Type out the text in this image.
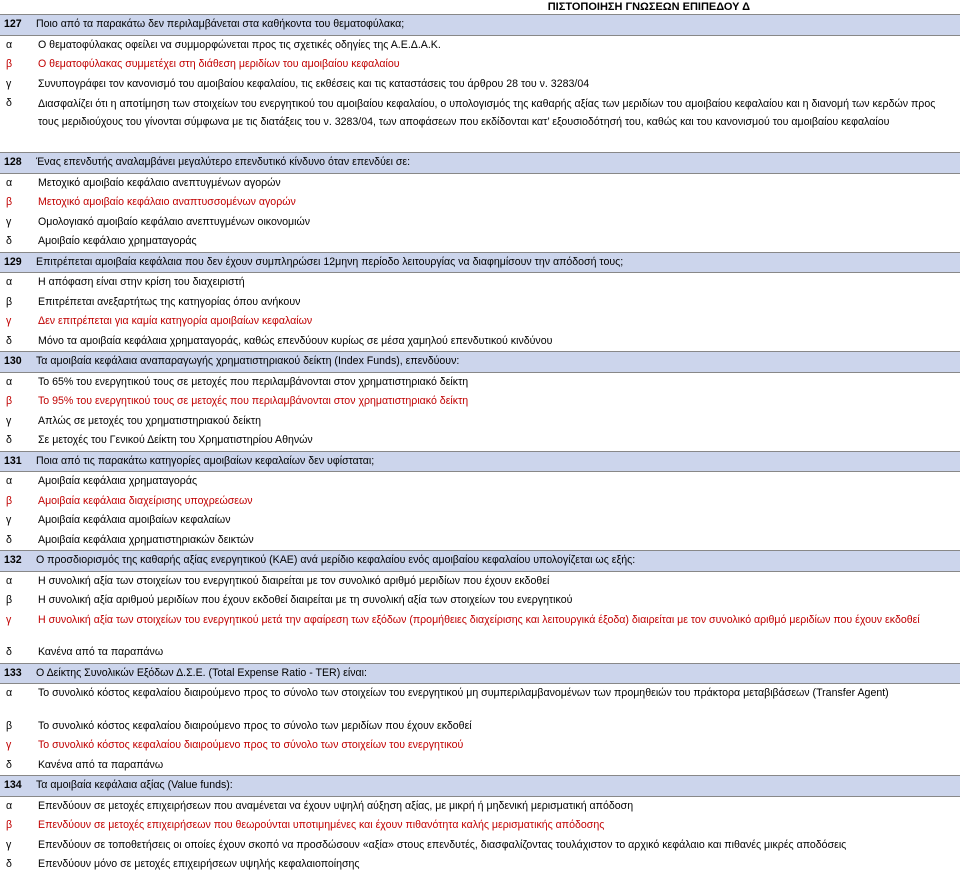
ΠΙΣΤΟΠΟΙΗΣΗ ΓΝΩΣΕΩΝ ΕΠΙΠΕΔΟΥ Δ
127	Ποιο από τα παρακάτω δεν περιλαμβάνεται στα καθήκοντα του θεματοφύλακα;
α	Ο θεματοφύλακας οφείλει να συμμορφώνεται προς τις σχετικές οδηγίες της Α.Ε.Δ.Α.Κ.
β	Ο θεματοφύλακας συμμετέχει στη διάθεση μεριδίων του αμοιβαίου κεφαλαίου
γ	Συνυπογράφει τον κανονισμό του αμοιβαίου κεφαλαίου, τις εκθέσεις και τις καταστάσεις του άρθρου 28 του ν. 3283/04
δ	Διασφαλίζει ότι η αποτίμηση των στοιχείων του ενεργητικού του αμοιβαίου κεφαλαίου, ο υπολογισμός της καθαρής αξίας των μεριδίων του αμοιβαίου κεφαλαίου και η διανομή των κερδών προς τους μεριδιούχους του γίνονται σύμφωνα με τις διατάξεις του ν. 3283/04, των αποφάσεων που εκδίδονται κατ’ εξουσιοδότησή του, καθώς και του κανονισμού του αμοιβαίου κεφαλαίου
128	Ένας επενδυτής αναλαμβάνει μεγαλύτερο επενδυτικό κίνδυνο όταν επενδύει σε:
α	Μετοχικό αμοιβαίο κεφάλαιο ανεπτυγμένων αγορών
β	Μετοχικό αμοιβαίο κεφάλαιο αναπτυσσομένων αγορών
γ	Ομολογιακό αμοιβαίο κεφάλαιο ανεπτυγμένων οικονομιών
δ	Αμοιβαίο κεφάλαιο χρηματαγοράς
129	Επιτρέπεται αμοιβαία κεφάλαια που δεν έχουν συμπληρώσει 12μηνη περίοδο λειτουργίας να διαφημίσουν την απόδοσή τους;
α	Η απόφαση είναι στην κρίση του διαχειριστή
β	Επιτρέπεται ανεξαρτήτως της κατηγορίας όπου ανήκουν
γ	Δεν επιτρέπεται για καμία κατηγορία αμοιβαίων κεφαλαίων
δ	Μόνο τα αμοιβαία κεφάλαια χρηματαγοράς, καθώς επενδύουν κυρίως σε μέσα χαμηλού επενδυτικού κινδύνου
130	Τα αμοιβαία κεφάλαια αναπαραγωγής χρηματιστηριακού δείκτη (Index Funds), επενδύουν:
α	Το 65% του ενεργητικού τους σε μετοχές που περιλαμβάνονται στον χρηματιστηριακό δείκτη
β	Το 95% του ενεργητικού τους σε μετοχές που περιλαμβάνονται στον χρηματιστηριακό δείκτη
γ	Απλώς σε μετοχές του χρηματιστηριακού δείκτη
δ	Σε μετοχές του Γενικού Δείκτη του Χρηματιστηρίου Αθηνών
131	Ποια από τις παρακάτω κατηγορίες αμοιβαίων κεφαλαίων δεν υφίσταται;
α	Αμοιβαία κεφάλαια χρηματαγοράς
β	Αμοιβαία κεφάλαια διαχείρισης υποχρεώσεων
γ	Αμοιβαία κεφάλαια αμοιβαίων κεφαλαίων
δ	Αμοιβαία κεφάλαια χρηματιστηριακών δεικτών
132	Ο προσδιορισμός της καθαρής αξίας ενεργητικού (ΚΑΕ) ανά μερίδιο κεφαλαίου ενός αμοιβαίου κεφαλαίου υπολογίζεται ως εξής:
α	Η συνολική αξία των στοιχείων του ενεργητικού διαιρείται με τον συνολικό αριθμό μεριδίων που έχουν εκδοθεί
β	Η συνολική αξία αριθμού μεριδίων που έχουν εκδοθεί διαιρείται με τη συνολική αξία των στοιχείων του ενεργητικού
γ	Η συνολική αξία των στοιχείων του ενεργητικού μετά την αφαίρεση των εξόδων (προμήθειες διαχείρισης και λειτουργικά έξοδα) διαιρείται με τον συνολικό αριθμό μεριδίων που έχουν εκδοθεί
δ	Κανένα από τα παραπάνω
133	Ο Δείκτης Συνολικών Εξόδων Δ.Σ.Ε. (Total Expense Ratio - TER) είναι:
α	Το συνολικό κόστος κεφαλαίου διαιρούμενο προς το σύνολο των στοιχείων του ενεργητικού μη συμπεριλαμβανομένων των προμηθειών του πράκτορα μεταβιβάσεων (Transfer Agent)
β	Το συνολικό κόστος κεφαλαίου διαιρούμενο προς το σύνολο των μεριδίων που έχουν εκδοθεί
γ	Το συνολικό κόστος κεφαλαίου διαιρούμενο προς το σύνολο των στοιχείων του ενεργητικού
δ	Κανένα από τα παραπάνω
134	Τα αμοιβαία κεφάλαια αξίας (Value funds):
α	Επενδύουν σε μετοχές επιχειρήσεων που αναμένεται να έχουν υψηλή αύξηση αξίας, με μικρή ή μηδενική μερισματική απόδοση
β	Επενδύουν σε μετοχές επιχειρήσεων που θεωρούνται υποτιμημένες και έχουν πιθανότητα καλής μερισματικής απόδοσης
γ	Επενδύουν σε τοποθετήσεις οι οποίες έχουν σκοπό να προσδώσουν «αξία» στους επενδυτές, διασφαλίζοντας τουλάχιστον το αρχικό κεφάλαιο και πιθανές μικρές αποδόσεις
δ	Επενδύουν μόνο σε μετοχές επιχειρήσεων υψηλής κεφαλαιοποίησης
